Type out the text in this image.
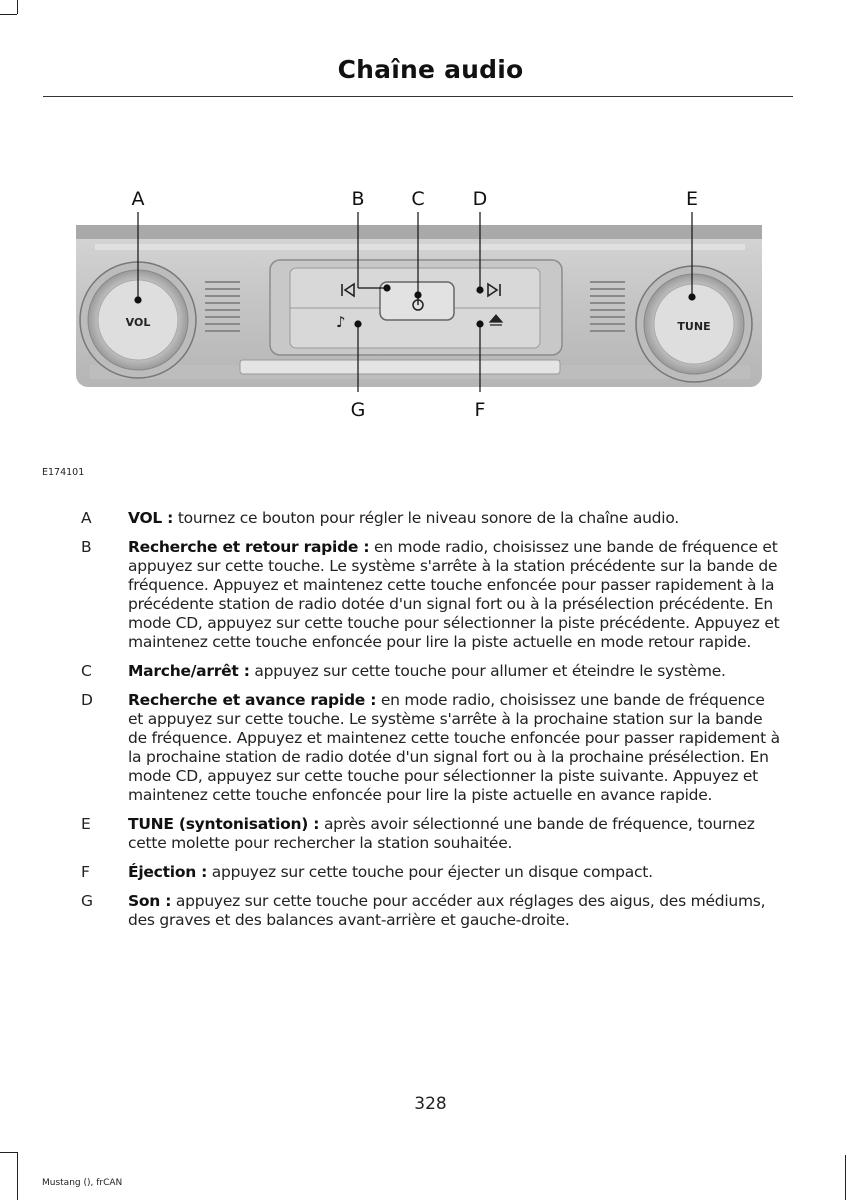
Chaîne audio
♪
VOL	TUNE
A	B C	D	E
F
G
E174101
A VOL : tournez ce bouton pour régler le niveau sonore de la chaîne audio.
B Recherche et retour rapide : en mode radio, choisissez une bande de fréquence et appuyez sur cette touche. Le système s'arrête à la station précédente sur la bande de fréquence. Appuyez et maintenez cette touche enfoncée pour passer rapidement à la précédente station de radio dotée d'un signal fort ou à la présélection précédente. En mode CD, appuyez sur cette touche pour sélectionner la piste précédente. Appuyez et maintenez cette touche enfoncée pour lire la piste actuelle en mode retour rapide.
C Marche/arrêt : appuyez sur cette touche pour allumer et éteindre le système.
D Recherche et avance rapide : en mode radio, choisissez une bande de fréquence et appuyez sur cette touche. Le système s'arrête à la prochaine station sur la bande de fréquence. Appuyez et maintenez cette touche enfoncée pour passer rapidement à la prochaine station de radio dotée d'un signal fort ou à la prochaine présélection. En mode CD, appuyez sur cette touche pour sélectionner la piste suivante. Appuyez et maintenez cette touche enfoncée pour lire la piste actuelle en avance rapide.
E TUNE (syntonisation) : après avoir sélectionné une bande de fréquence, tournez cette molette pour rechercher la station souhaitée.
F Éjection : appuyez sur cette touche pour éjecter un disque compact.
G Son : appuyez sur cette touche pour accéder aux réglages des aigus, des médiums, des graves et des balances avant-arrière et gauche-droite.
328
Mustang (), frCAN
